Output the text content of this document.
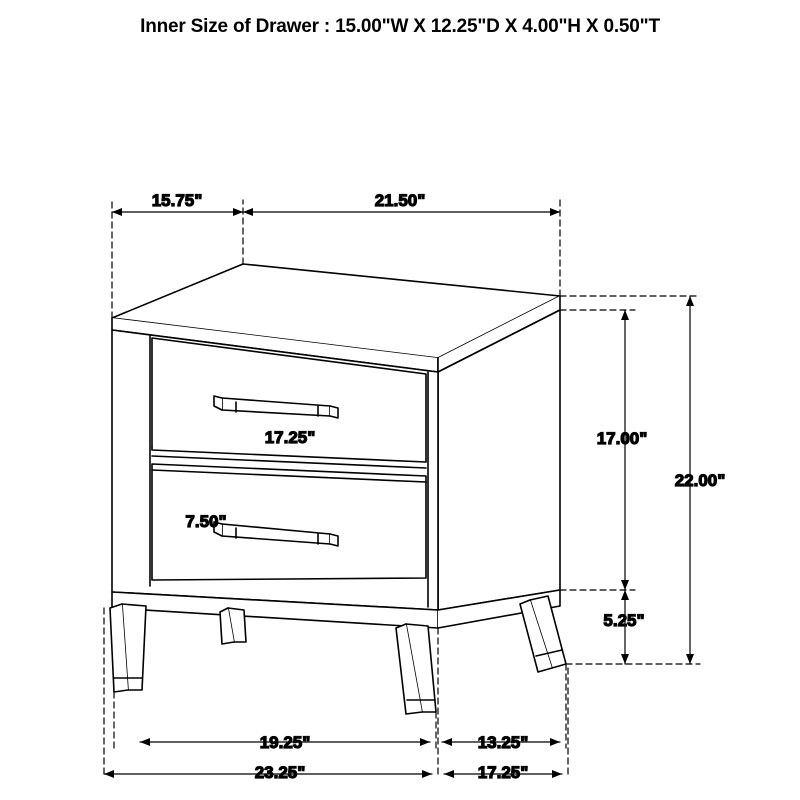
Inner Size of Drawer : 15.00"W X 12.25"D X 4.00"H X 0.50"T
15.75"	21.50"
17.00"
22.00"
5.25"
19.25"	13.25"
23.25"	17.25"
17.25"
7.50"
